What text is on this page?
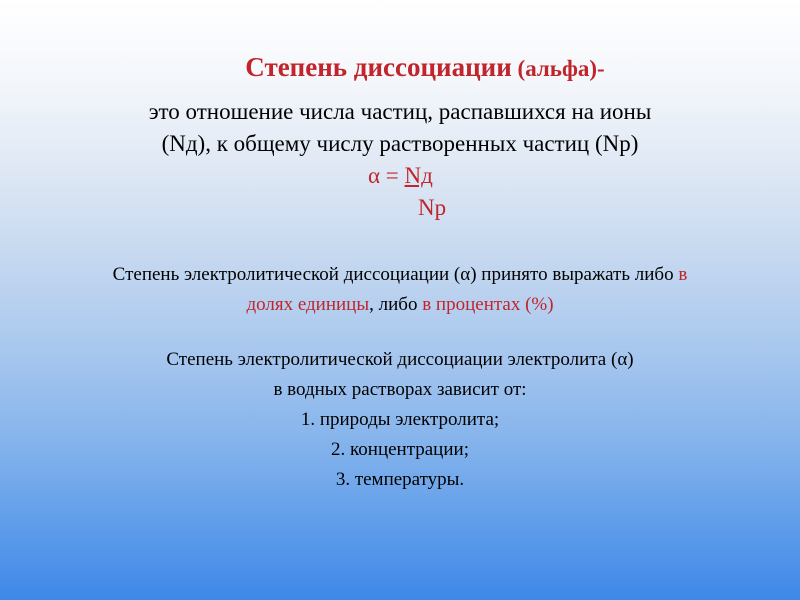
Степень диссоциации (альфа)-
это отношение числа частиц, распавшихся на ионы
(Nд), к общему числу растворенных частиц (Nр)
α = Nд
Nр
Степень электролитической диссоциации (α) принято выражать либо в
долях единицы, либо в процентах (%)
Степень электролитической диссоциации электролита (α)
в водных растворах зависит от:
1. природы электролита;
2. концентрации;
3. температуры.
